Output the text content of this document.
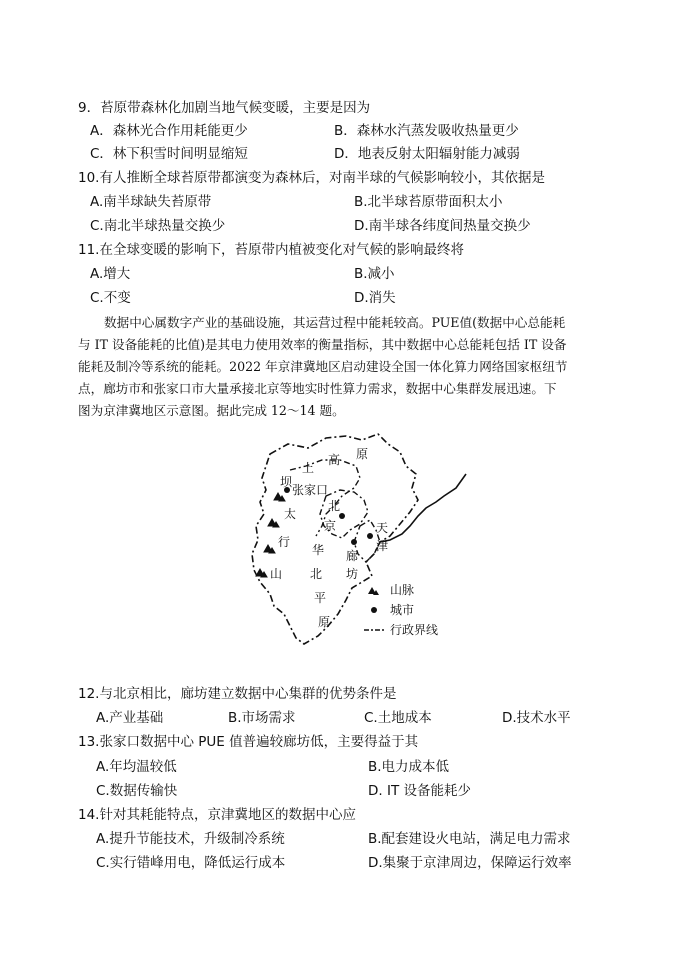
9．苔原带森林化加剧当地气候变暖，主要是因为
A．森林光合作用耗能更少	B．森林水汽蒸发吸收热量更少
C．林下积雪时间明显缩短	D．地表反射太阳辐射能力减弱
10.有人推断全球苔原带都演变为森林后，对南半球的气候影响较小，其依据是
A.南半球缺失苔原带	B.北半球苔原带面积太小
C.南北半球热量交换少	D.南半球各纬度间热量交换少
11.在全球变暖的影响下，苔原带内植被变化对气候的影响最终将
A.增大	B.减小
C.不变	D.消失
数据中心属数字产业的基础设施，其运营过程中能耗较高。PUE值(数据中心总能耗
与 IT 设备能耗的比值)是其电力使用效率的衡量指标，其中数据中心总能耗包括 IT 设备
能耗及制冷等系统的能耗。2022 年京津冀地区启动建设全国一体化算力网络国家枢纽节
点，廊坊市和张家口市大量承接北京等地实时性算力需求，数据中心集群发展迅速。下
图为京津冀地区示意图。据此完成 12～14 题。
坝
上
高 原
张家口
太
行
山
北
京	天
津
华 廊
坊
北
平
原
山脉
城市
行政界线
12.与北京相比，廊坊建立数据中心集群的优势条件是
A.产业基础	B.市场需求	C.土地成本	D.技术水平
13.张家口数据中心 PUE 值普遍较廊坊低，主要得益于其
A.年均温较低	B.电力成本低
C.数据传输快	D. IT 设备能耗少
14.针对其耗能特点，京津冀地区的数据中心应
A.提升节能技术，升级制冷系统	B.配套建设火电站，满足电力需求
C.实行错峰用电，降低运行成本	D.集聚于京津周边，保障运行效率
